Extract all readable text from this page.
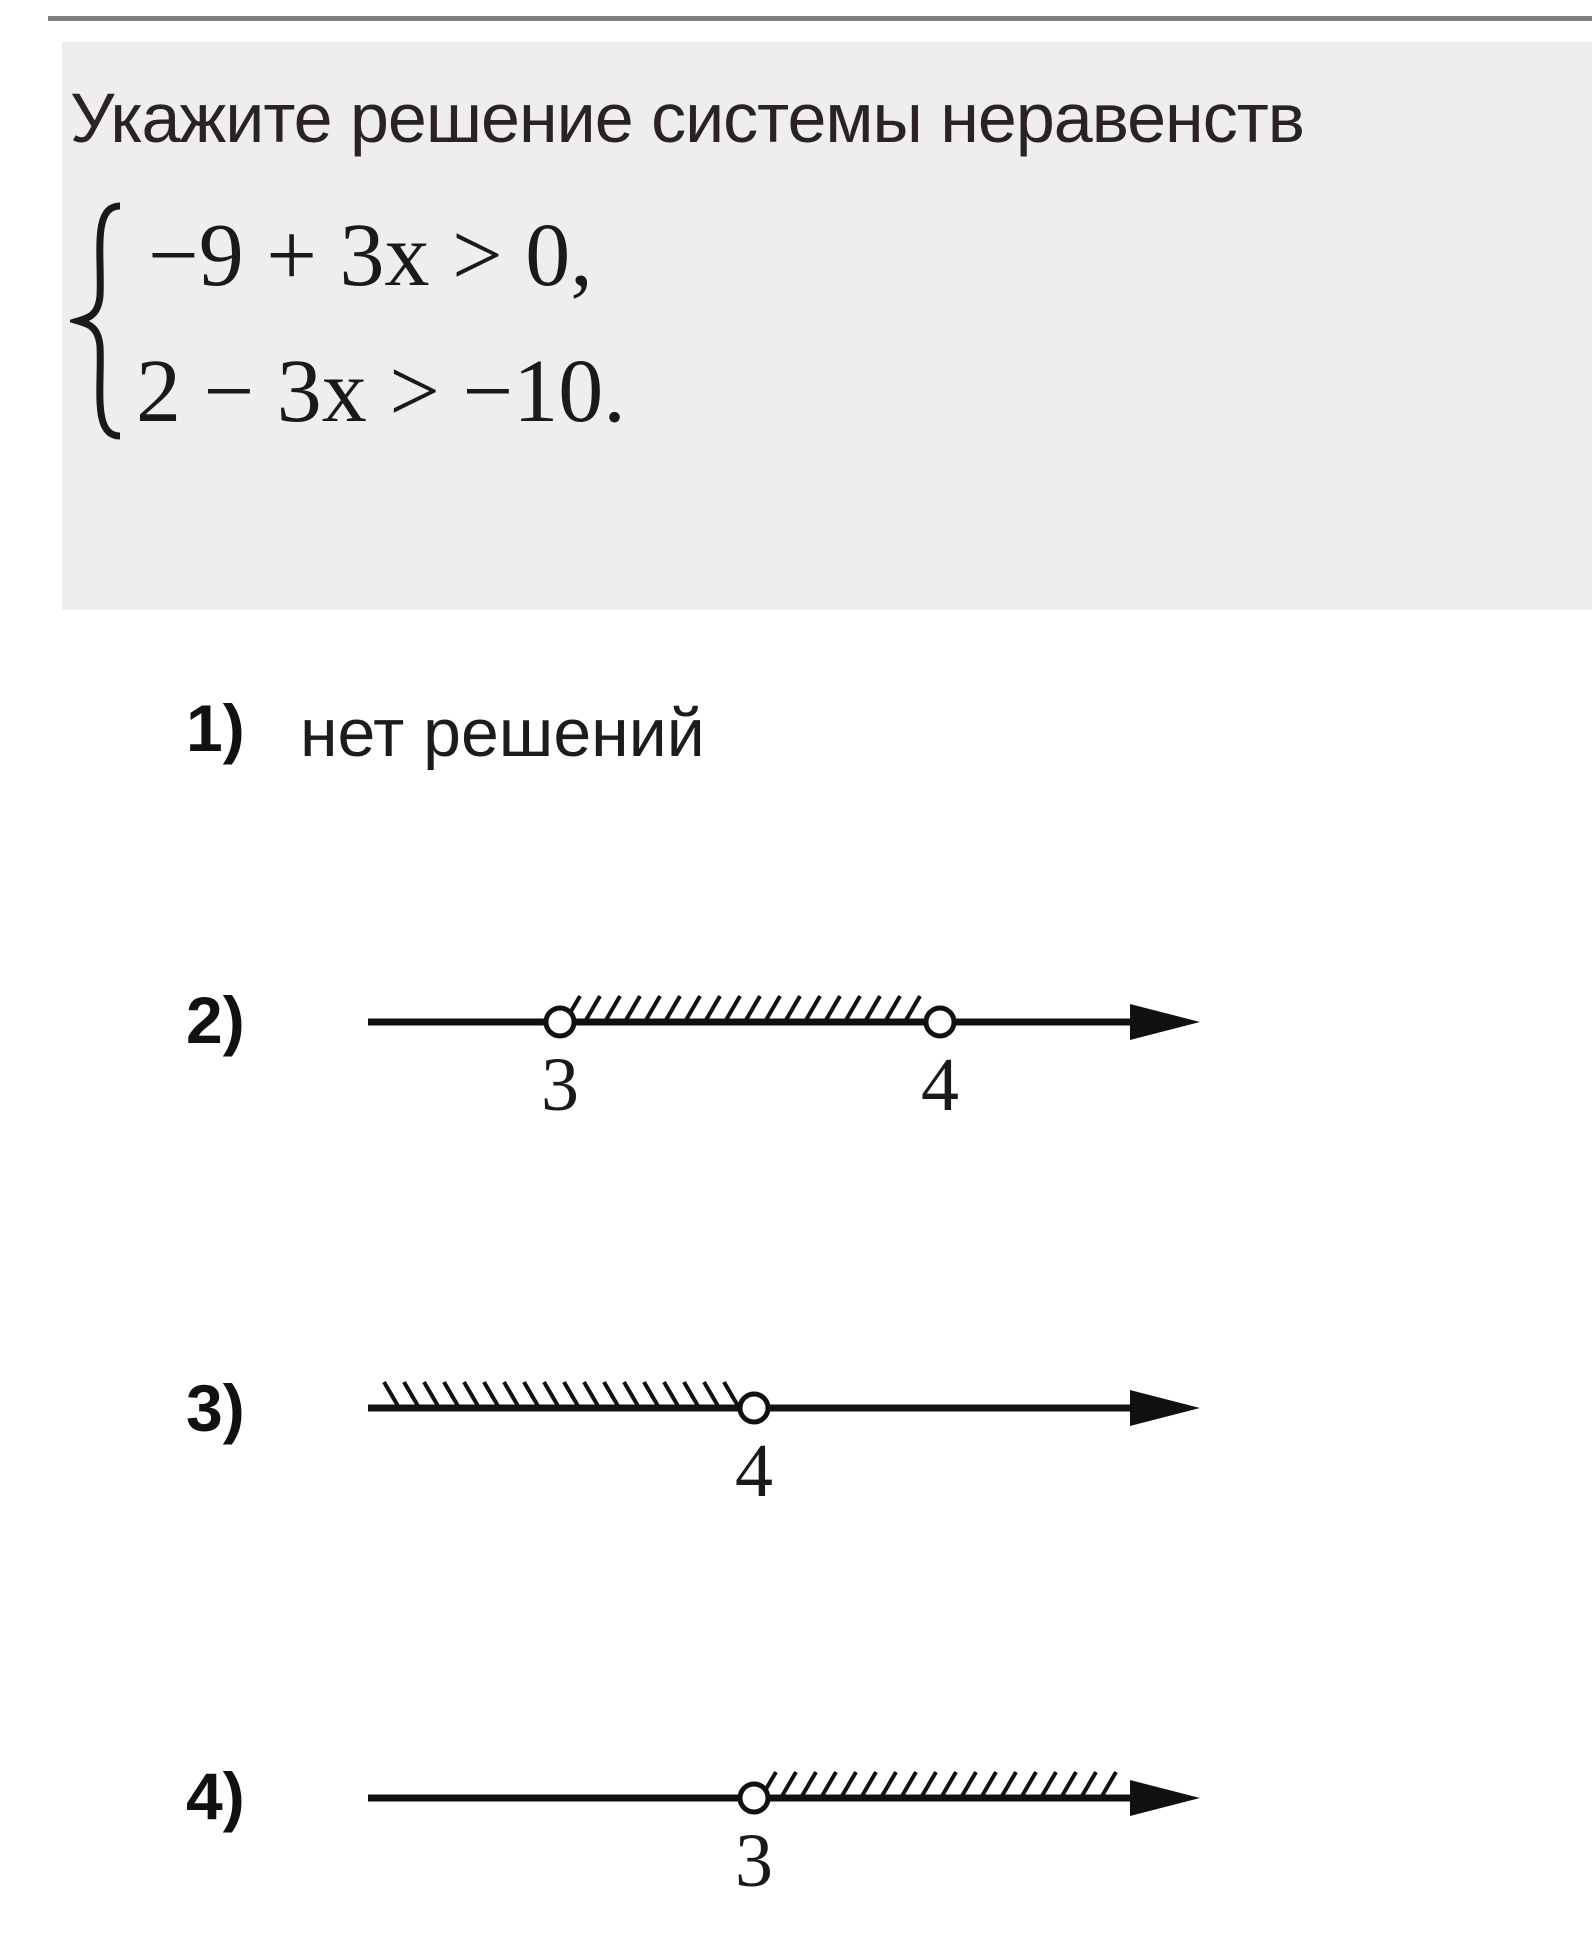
Укажите решение системы неравенств
−9 + 3x > 0,
2 − 3x > −10.
1) нет решений
2)
3	4
3)
4
4)
3
